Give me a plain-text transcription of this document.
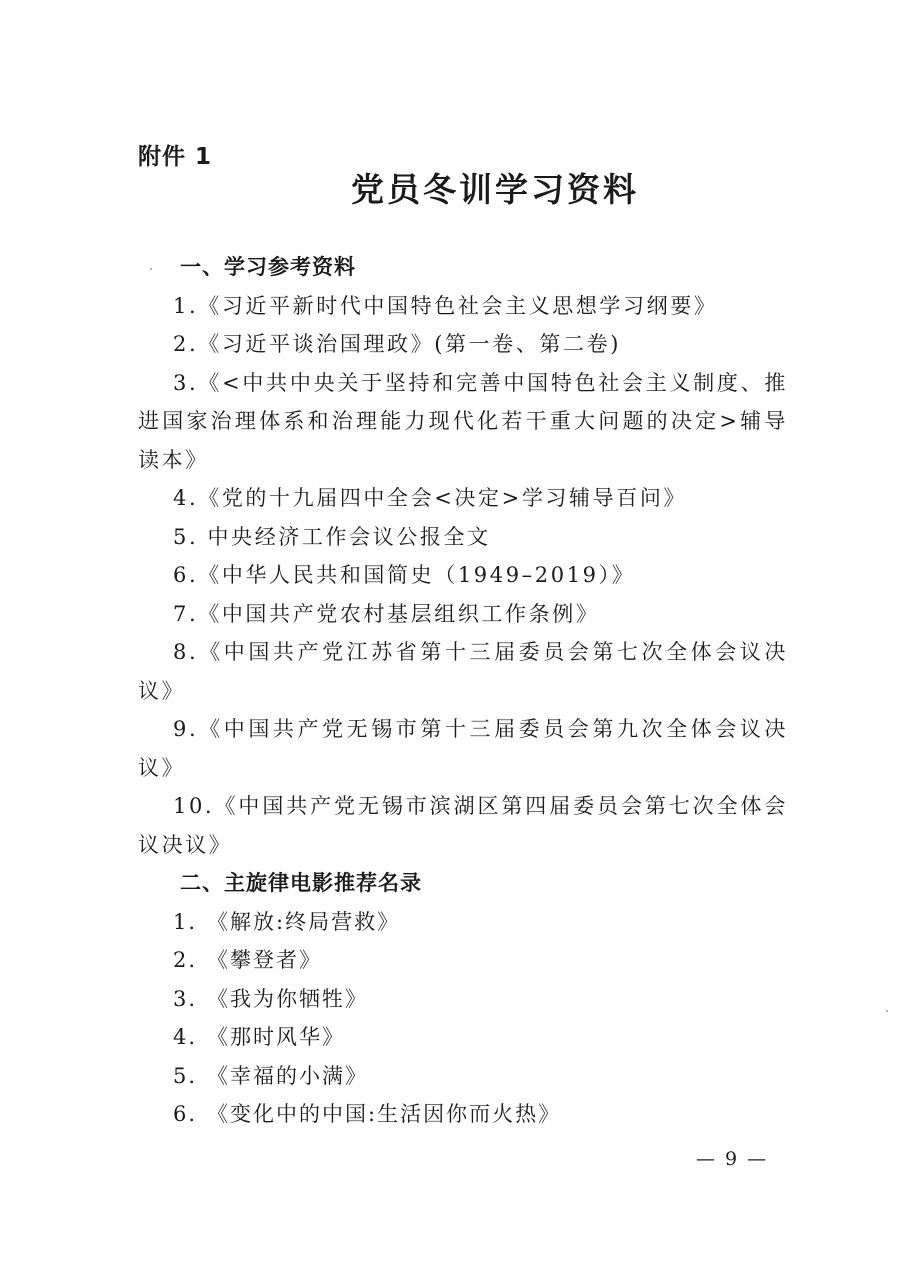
附件 1
党员冬训学习资料

一、学习参考资料

1.《习近平新时代中国特色社会主义思想学习纲要》

2.《习近平谈治国理政》(第一卷、第二卷)

3.《<中共中央关于坚持和完善中国特色社会主义制度、推进国家治理体系和治理能力现代化若干重大问题的决定>辅导读本》

4.《党的十九届四中全会<决定>学习辅导百问》

5. 中央经济工作会议公报全文

6.《中华人民共和国简史（1949–2019）》

7.《中国共产党农村基层组织工作条例》

8.《中国共产党江苏省第十三届委员会第七次全体会议决议》

9.《中国共产党无锡市第十三届委员会第九次全体会议决议》

10.《中国共产党无锡市滨湖区第四届委员会第七次全体会议决议》

二、主旋律电影推荐名录

1. 《解放:终局营救》

2. 《攀登者》

3. 《我为你牺牲》

4. 《那时风华》

5. 《幸福的小满》

6. 《变化中的中国:生活因你而火热》

— 9 —
